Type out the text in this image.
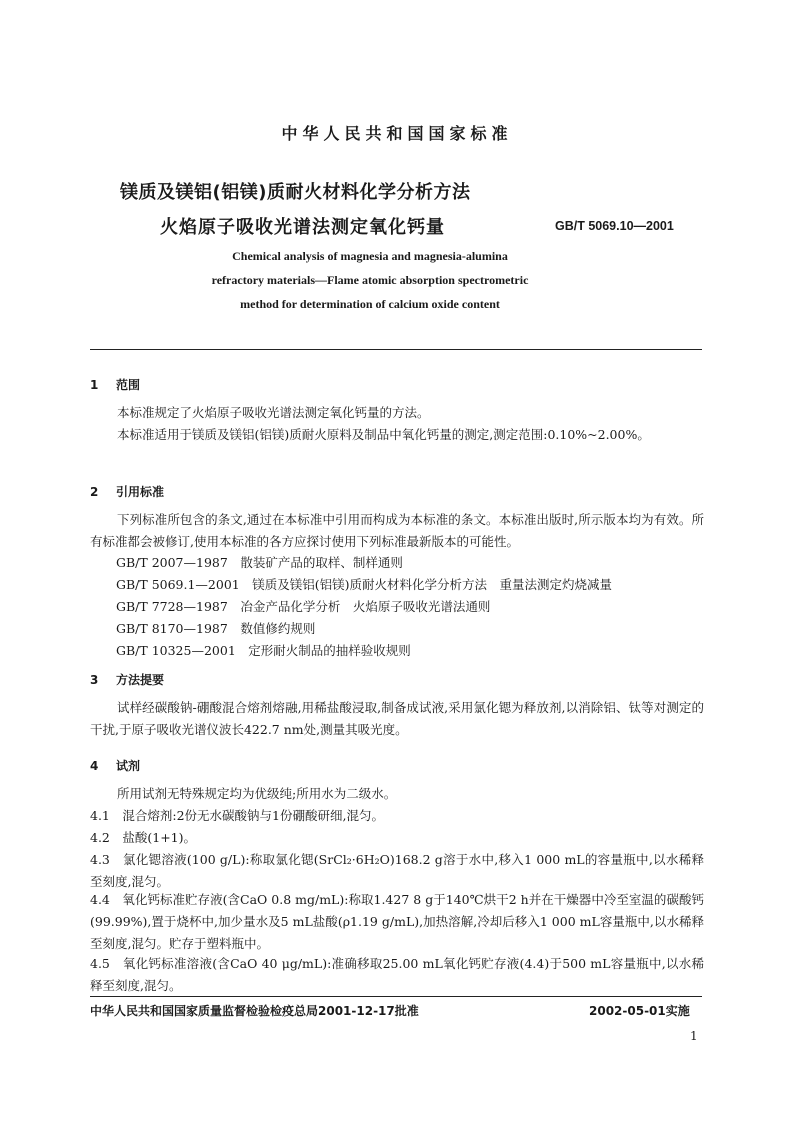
中华人民共和国国家标准
镁质及镁铝(铝镁)质耐火材料化学分析方法
火焰原子吸收光谱法测定氧化钙量	GB/T 5069.10—2001
Chemical analysis of magnesia and magnesia-alumina
refractory materials—Flame atomic absorption spectrometric
method for determination of calcium oxide content
1 范围
本标准规定了火焰原子吸收光谱法测定氧化钙量的方法。
本标准适用于镁质及镁铝(铝镁)质耐火原料及制品中氧化钙量的测定,测定范围:0.10%~2.00%。
2 引用标准
下列标准所包含的条文,通过在本标准中引用而构成为本标准的条文。本标准出版时,所示版本均为有效。所有标准都会被修订,使用本标准的各方应探讨使用下列标准最新版本的可能性。
GB/T 2007—1987　散装矿产品的取样、制样通则
GB/T 5069.1—2001　镁质及镁铝(铝镁)质耐火材料化学分析方法　重量法测定灼烧减量
GB/T 7728—1987　冶金产品化学分析　火焰原子吸收光谱法通则
GB/T 8170—1987　数值修约规则
GB/T 10325—2001　定形耐火制品的抽样验收规则
3 方法提要
试样经碳酸钠-硼酸混合熔剂熔融,用稀盐酸浸取,制备成试液,采用氯化锶为释放剂,以消除铝、钛等对测定的干扰,于原子吸收光谱仪波长422.7 nm处,测量其吸光度。
4 试剂
所用试剂无特殊规定均为优级纯;所用水为二级水。
4.1　混合熔剂:2份无水碳酸钠与1份硼酸研细,混匀。
4.2　盐酸(1+1)。
4.3　氯化锶溶液(100 g/L):称取氯化锶(SrCl₂·6H₂O)168.2 g溶于水中,移入1 000 mL的容量瓶中,以水稀释至刻度,混匀。
4.4　氧化钙标准贮存液(含CaO 0.8 mg/mL):称取1.427 8 g于140℃烘干2 h并在干燥器中冷至室温的碳酸钙(99.99%),置于烧杯中,加少量水及5 mL盐酸(ρ1.19 g/mL),加热溶解,冷却后移入1 000 mL容量瓶中,以水稀释至刻度,混匀。贮存于塑料瓶中。
4.5　氧化钙标准溶液(含CaO 40 μg/mL):准确移取25.00 mL氧化钙贮存液(4.4)于500 mL容量瓶中,以水稀释至刻度,混匀。
中华人民共和国国家质量监督检验检疫总局2001-12-17批准	2002-05-01实施
1
